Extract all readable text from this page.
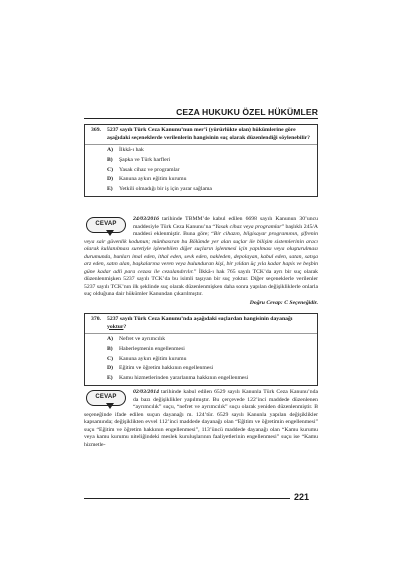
CEZA HUKUKU ÖZEL HÜKÜMLER
369.	5237 sayılı Türk Ceza Kanunu’nun mer’î (yürürlükte olan) hükümlerine göre aşağıdaki seçeneklerde verilenlerin hangisinin suç olarak düzenlendiği söylenebilir?
A)	İlkkâ-ı hak
B)	Şapka ve Türk harfleri
C)	Yasak cihaz ve programlar
D)	Kanuna aykırı eğitim kurumu
E)	Yetkili olmadığı bir iş için yarar sağlama
CEVAP
24/03/2016 tarihinde TBMM’de kabul edilen 6698 sayılı Kanunun 30’uncu maddesiyle Türk Ceza Kanunu’na “Yasak cihaz veya programlar” başlıklı 245/A maddesi eklenmiştir. Buna göre; “Bir cihazın, bilgisayar programının, şifrenin veya sair güvenlik kodunun; münhasıran bu Bölümde yer alan suçlar ile bilişim sistemlerinin aracı olarak kullanılması suretiyle işlenebilen diğer suçların işlenmesi için yapılması veya oluşturulması durumunda, bunları imal eden, ithal eden, sevk eden, nakleden, depolayan, kabul eden, satan, satışa arz eden, satın alan, başkalarına veren veya bulunduran kişi, bir yıldan üç yıla kadar hapis ve beşbin güne kadar adli para cezası ile cezalandırılır.” İlkkâ-ı hak 765 sayılı TCK’da ayrı bir suç olarak düzenlenmişken 5237 sayılı TCK’da bu isimli taşıyan bir suç yoktur. Diğer seçeneklerle verilenler 5237 sayılı TCK’nın ilk şeklinde suç olarak düzenlenmişken daha sonra yapılan değişikliklerle onlarla suç olduğuna dair hükümler Kanundan çıkarılmıştır.
Doğru Cevap: C Seçeneğidir.
370.	5237 sayılı Türk Ceza Kanunu’nda aşağıdaki suçlardan hangisinin dayanağı yoktur?
A)	Nefret ve ayrımcılık
B)	Haberleşmenin engellenmesi
C)	Kanuna aykırı eğitim kurumu
D)	Eğitim ve öğretim hakkının engellenmesi
E)	Kamu hizmetlerinden yararlanma hakkının engellenmesi
CEVAP
02/03/2014 tarihinde kabul edilen 6529 sayılı Kanunla Türk Ceza Kanunu’nda da bazı değişiklikler yapılmıştır. Bu çerçevede 122’inci maddede düzenlenen “ayrımcılık” suçu, “nefret ve ayrımcılık” suçu olarak yeniden düzenlenmiştir. B seçeneğinde ifade edilen suçun dayanağı m. 124’tür. 6529 sayılı Kanunla yapılan değişiklikler kapsamında; değişiklikten evvel 112’inci maddede dayanağı olan “Eğitim ve öğretimin engellenmesi” suçu “Eğitim ve öğretim hakkının engellenmesi”, 113’üncü maddede dayanağı olan “Kamu kurumu veya kamu kurumu niteliğindeki meslek kuruluşlarının faaliyetlerinin engellenmesi” suçu ise “Kamu hizmetle-
221
